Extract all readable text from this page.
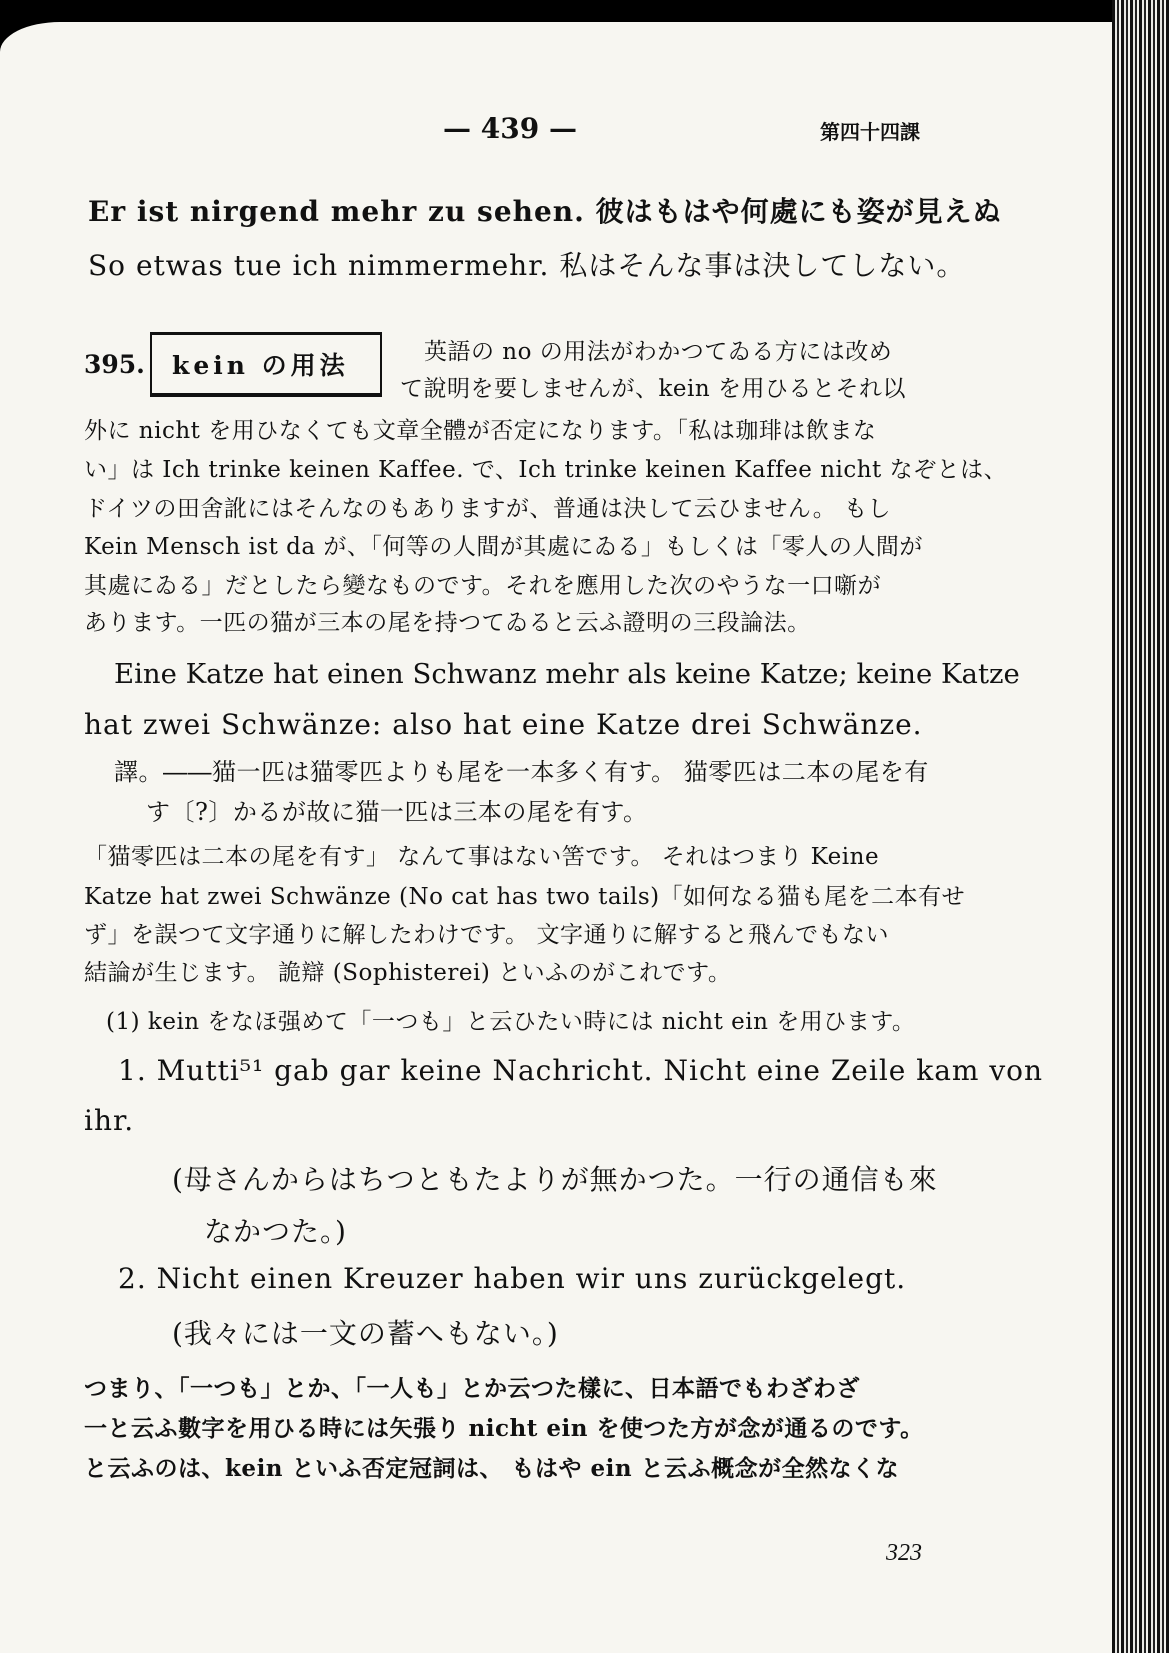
— 439 —	第四十四課
Er ist nirgend mehr zu sehen. 彼はもはや何處にも姿が見えぬ
So etwas tue ich nimmermehr. 私はそんな事は決してしない。
395. kein の用法	英語の no の用法がわかつてゐる方には改め
て說明を要しませんが、kein を用ひるとそれ以
外に nicht を用ひなくても文章全體が否定になります。「私は珈琲は飲まな
い」は Ich trinke keinen Kaffee. で、Ich trinke keinen Kaffee nicht なぞとは、
ドイツの田舍訛にはそんなのもありますが、普通は決して云ひません。 もし
Kein Mensch ist da が、「何等の人間が其處にゐる」もしくは「零人の人間が
其處にゐる」だとしたら變なものです。それを應用した次のやうな一口噺が
あります。一匹の猫が三本の尾を持つてゐると云ふ證明の三段論法。
Eine Katze hat einen Schwanz mehr als keine Katze; keine Katze
hat zwei Schwänze: also hat eine Katze drei Schwänze.
譯。――猫一匹は猫零匹よりも尾を一本多く有す。 猫零匹は二本の尾を有
す〔?〕かるが故に猫一匹は三本の尾を有す。
「猫零匹は二本の尾を有す」 なんて事はない筈です。 それはつまり Keine
Katze hat zwei Schwänze (No cat has two tails)「如何なる猫も尾を二本有せ
ず」を誤つて文字通りに解したわけです。 文字通りに解すると飛んでもない
結論が生じます。 詭辯 (Sophisterei) といふのがこれです。
(1) kein をなほ强めて「一つも」と云ひたい時には nicht ein を用ひます。
1. Mutti⁵¹ gab gar keine Nachricht. Nicht eine Zeile kam von
ihr.
(母さんからはちつともたよりが無かつた。一行の通信も來
なかつた。)
2. Nicht einen Kreuzer haben wir uns zurückgelegt.
(我々には一文の蓄へもない。)
つまり、「一つも」とか、「一人も」とか云つた樣に、日本語でもわざわざ
一と云ふ數字を用ひる時には矢張り nicht ein を使つた方が念が通るのです。
と云ふのは、kein といふ否定冠詞は、 もはや ein と云ふ概念が全然なくな
323
